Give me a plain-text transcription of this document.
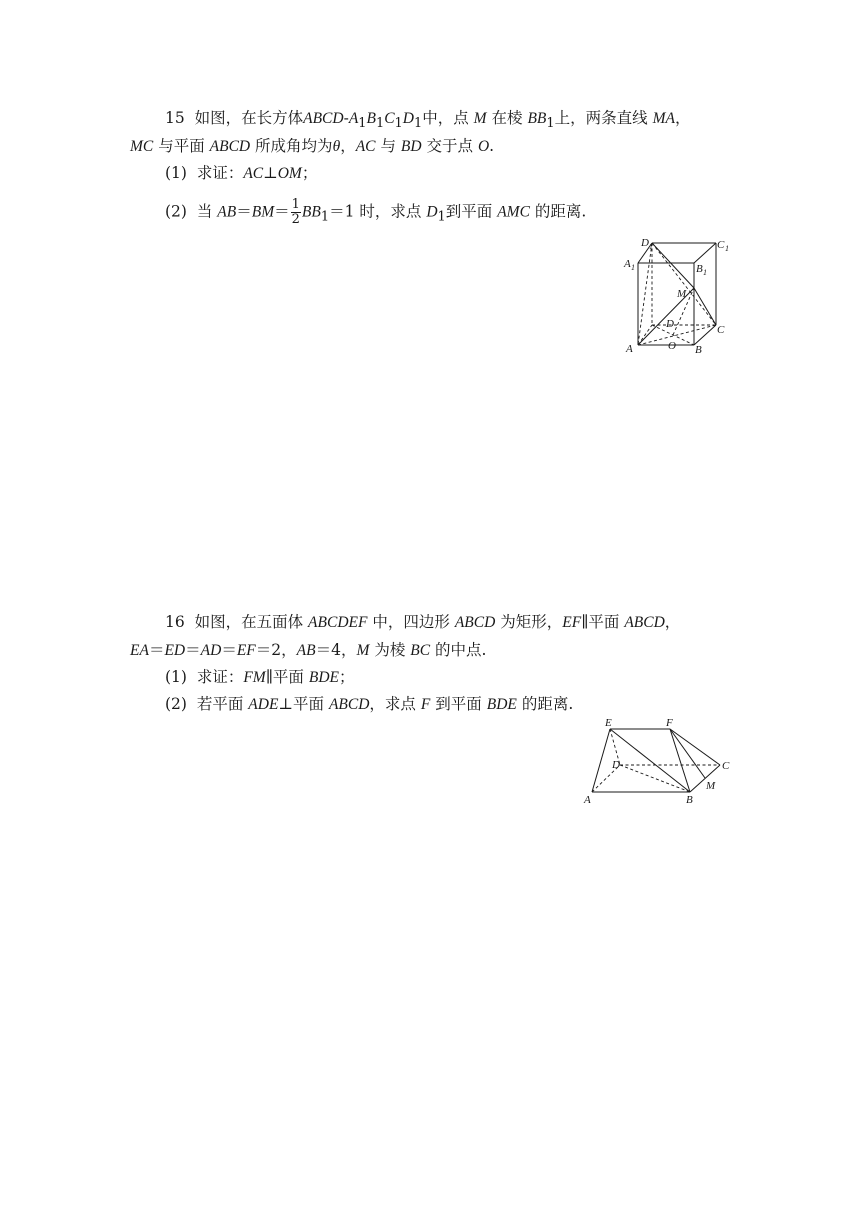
15 如图，在长方体ABCD-$A_1B_1C_1D_1$中，点 M 在棱 $BB_1$上，两条直线 MA，
MC 与平面 ABCD 所成角均为θ，AC 与 BD 交于点 O.
(1) 求证：AC⊥OM；
(2) 当 $AB=BM= \frac{1}{2} BB_1=1$ 时，求点 $D_1$到平面 AMC 的距离.
D 1	C 1
A 1	B 1
M
D	C
A	O B
16 如图，在五面体 ABCDEF 中，四边形 ABCD 为矩形，EF∥平面 ABCD，
EA＝ED＝AD＝EF＝2，AB＝4，M 为棱 BC 的中点.
(1) 求证：FM∥平面 BDE；
(2) 若平面 ADE⊥平面 ABCD，求点 F 到平面 BDE 的距离.
E	F
D	C
A	B
M
